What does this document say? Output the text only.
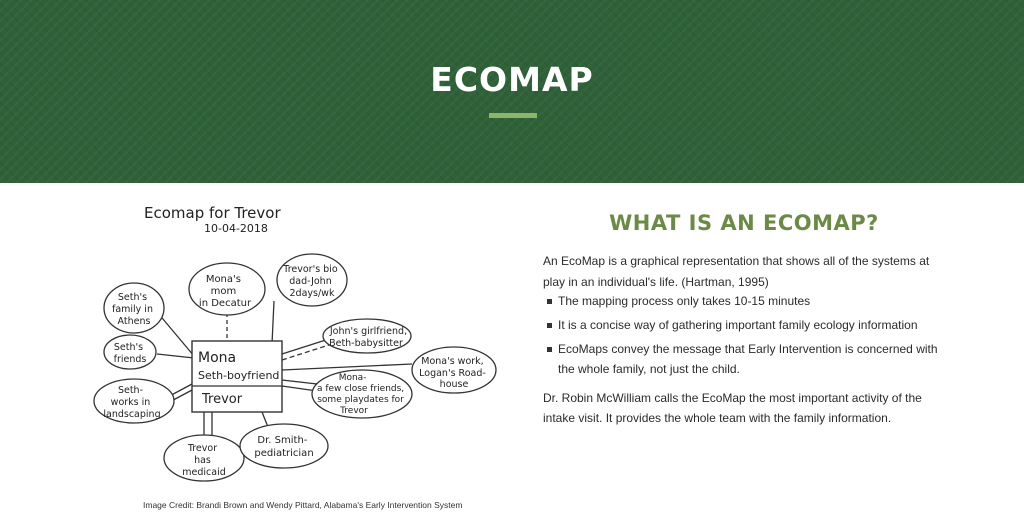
ECOMAP
Ecomap for Trevor
10-04-2018
Mona
Seth-boyfriend
Trevor
Mona's mom in Decatur
Trevor's bio dad-John 2days/wk
Seth's family in Athens
John's girlfriend, Beth-babysitter
Seth's friends	Mona's work, Logan's Road- house
Mona- a few close friends, some playdates for Trevor
Seth- works in landscaping
Trevor has medicaid
Dr. Smith- pediatrician

Image Credit: Brandi Brown and Wendy Pittard, Alabama's Early Intervention System

WHAT IS AN ECOMAP?

An EcoMap is a graphical representation that shows all of the systems at play in an individual's life. (Hartman, 1995)

The mapping process only takes 10-15 minutes
It is a concise way of gathering important family ecology information
EcoMaps convey the message that Early Intervention is concerned with the whole family, not just the child.

Dr. Robin McWilliam calls the EcoMap the most important activity of the intake visit. It provides the whole team with the family information.
